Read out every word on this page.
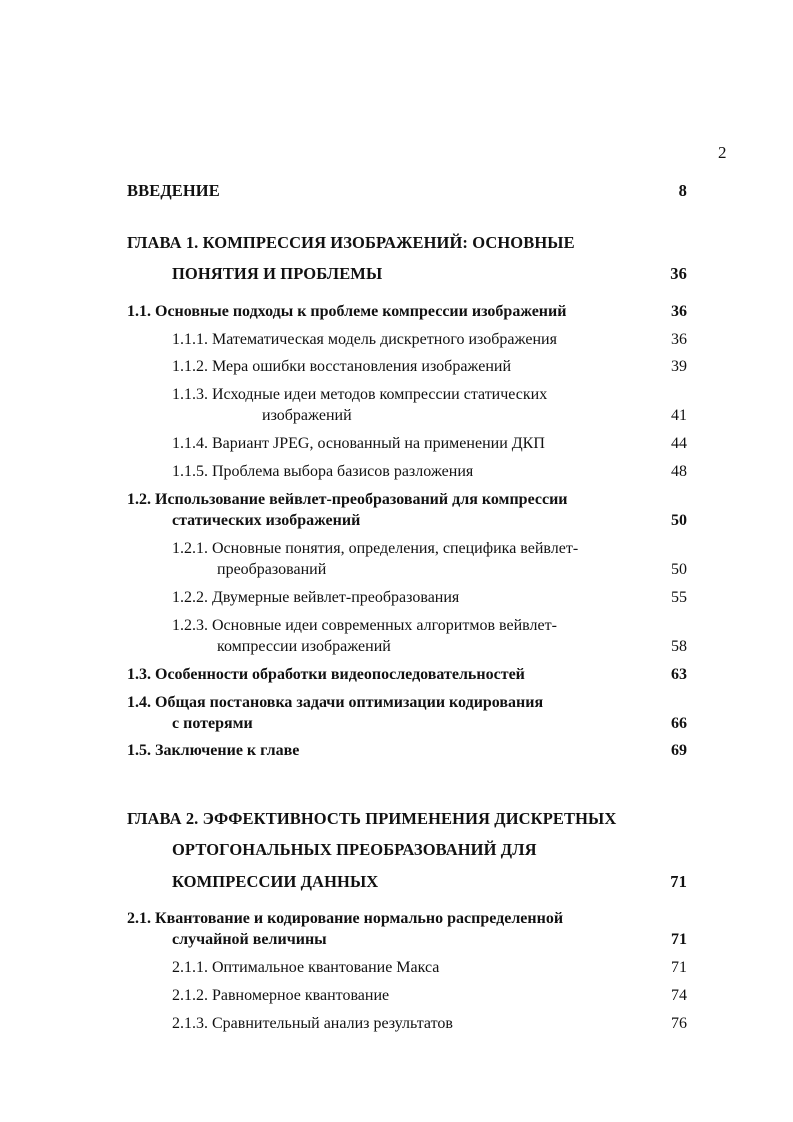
2
ВВЕДЕНИЕ	8
ГЛАВА 1. КОМПРЕССИЯ ИЗОБРАЖЕНИЙ: ОСНОВНЫЕ
ПОНЯТИЯ И ПРОБЛЕМЫ	36
1.1. Основные подходы к проблеме компрессии изображений	36
1.1.1. Математическая модель дискретного изображения	36
1.1.2. Мера ошибки восстановления изображений	39
1.1.3. Исходные идеи методов компрессии статических
изображений	41
1.1.4. Вариант JPEG, основанный на применении ДКП	44
1.1.5. Проблема выбора базисов разложения	48
1.2. Использование вейвлет-преобразований для компрессии
статических изображений	50
1.2.1. Основные понятия, определения, специфика вейвлет-
преобразований	50
1.2.2. Двумерные вейвлет-преобразования	55
1.2.3. Основные идеи современных алгоритмов вейвлет-
компрессии изображений	58
1.3. Особенности обработки видеопоследовательностей	63
1.4. Общая постановка задачи оптимизации кодирования
с потерями	66
1.5. Заключение к главе	69
ГЛАВА 2. ЭФФЕКТИВНОСТЬ ПРИМЕНЕНИЯ ДИСКРЕТНЫХ
ОРТОГОНАЛЬНЫХ ПРЕОБРАЗОВАНИЙ ДЛЯ
КОМПРЕССИИ ДАННЫХ	71
2.1. Квантование и кодирование нормально распределенной
случайной величины	71
2.1.1. Оптимальное квантование Макса	71
2.1.2. Равномерное квантование	74
2.1.3. Сравнительный анализ результатов	76
